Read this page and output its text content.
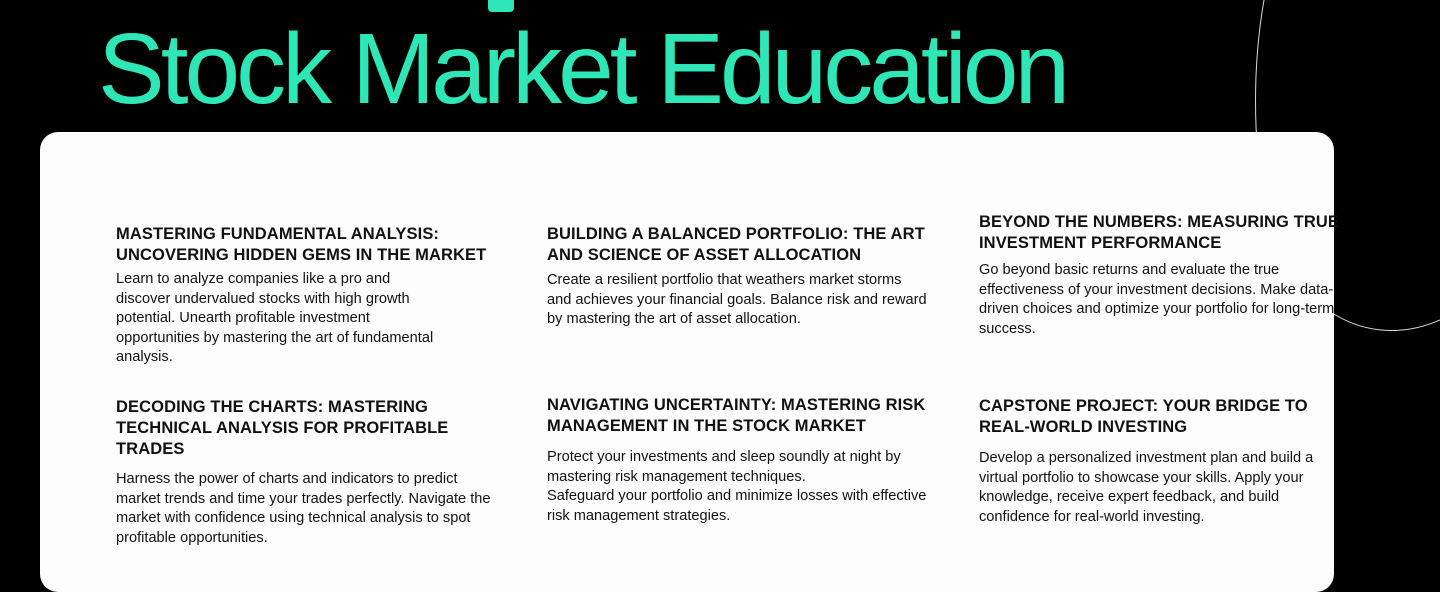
Stock Market Education
MASTERING FUNDAMENTAL ANALYSIS: UNCOVERING HIDDEN GEMS IN THE MARKET

Learn to analyze companies like a pro and discover undervalued stocks with high growth potential. Unearth profitable investment opportunities by mastering the art of fundamental analysis.

BUILDING A BALANCED PORTFOLIO: THE ART AND SCIENCE OF ASSET ALLOCATION

Create a resilient portfolio that weathers market storms and achieves your financial goals. Balance risk and reward by mastering the art of asset allocation.

BEYOND THE NUMBERS: MEASURING TRUE INVESTMENT PERFORMANCE

Go beyond basic returns and evaluate the true effectiveness of your investment decisions. Make data-driven choices and optimize your portfolio for long-term success.

DECODING THE CHARTS: MASTERING TECHNICAL ANALYSIS FOR PROFITABLE TRADES

Harness the power of charts and indicators to predict market trends and time your trades perfectly. Navigate the market with confidence using technical analysis to spot profitable opportunities.

NAVIGATING UNCERTAINTY: MASTERING RISK MANAGEMENT IN THE STOCK MARKET

Protect your investments and sleep soundly at night by mastering risk management techniques.
Safeguard your portfolio and minimize losses with effective risk management strategies.

CAPSTONE PROJECT: YOUR BRIDGE TO REAL-WORLD INVESTING

Develop a personalized investment plan and build a virtual portfolio to showcase your skills. Apply your knowledge, receive expert feedback, and build confidence for real-world investing.
